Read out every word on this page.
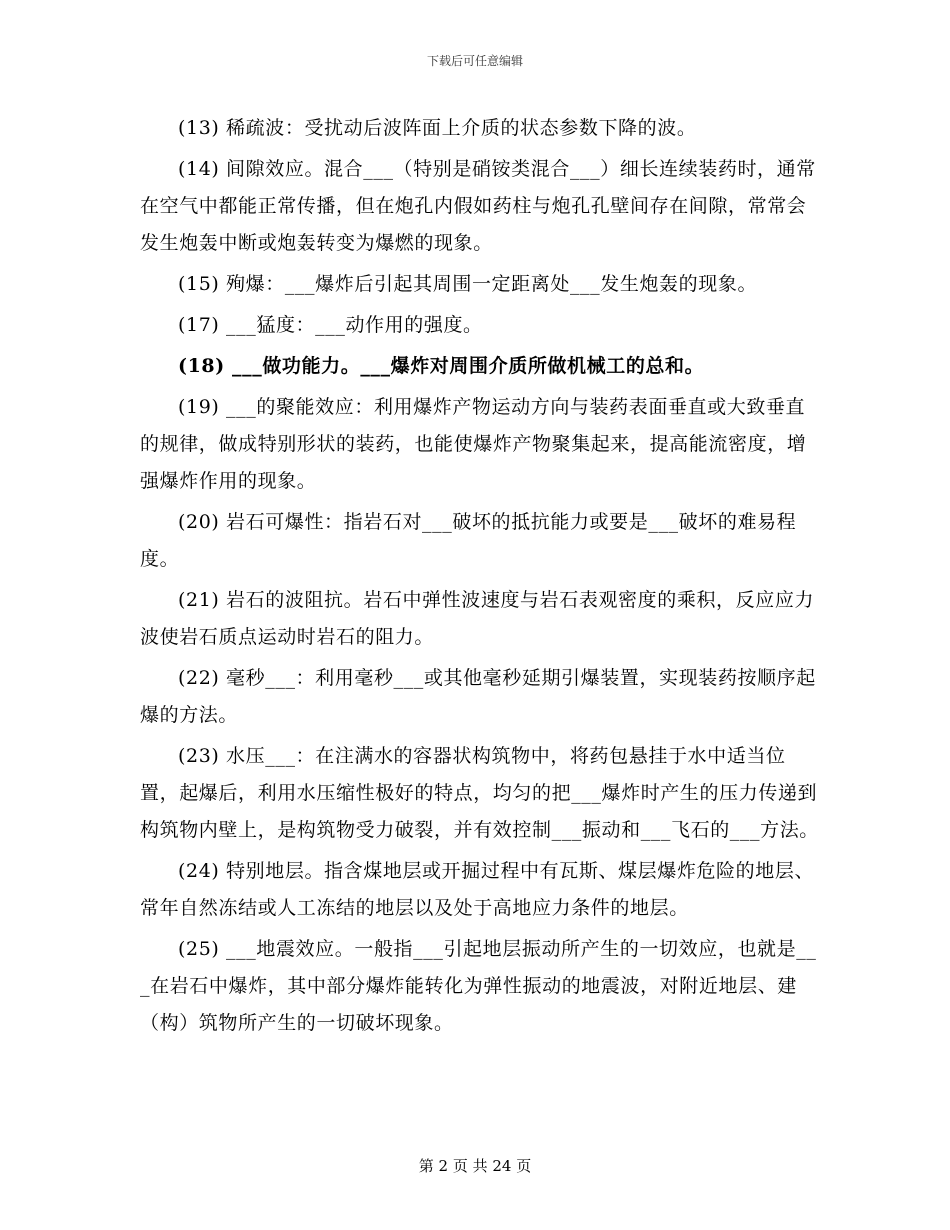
下载后可任意编辑

(13) 稀疏波：受扰动后波阵面上介质的状态参数下降的波。

(14) 间隙效应。混合___（特别是硝铵类混合___）细长连续装药时，通常在空气中都能正常传播，但在炮孔内假如药柱与炮孔孔壁间存在间隙，常常会发生炮轰中断或炮轰转变为爆燃的现象。

(15) 殉爆：___爆炸后引起其周围一定距离处___发生炮轰的现象。

(17) ___猛度：___动作用的强度。

(18) ___做功能力。___爆炸对周围介质所做机械工的总和。

(19) ___的聚能效应：利用爆炸产物运动方向与装药表面垂直或大致垂直的规律，做成特别形状的装药，也能使爆炸产物聚集起来，提高能流密度，增强爆炸作用的现象。

(20) 岩石可爆性：指岩石对___破坏的抵抗能力或要是___破坏的难易程度。

(21) 岩石的波阻抗。岩石中弹性波速度与岩石表观密度的乘积，反应应力波使岩石质点运动时岩石的阻力。

(22) 毫秒___：利用毫秒___或其他毫秒延期引爆装置，实现装药按顺序起爆的方法。

(23) 水压___：在注满水的容器状构筑物中，将药包悬挂于水中适当位置，起爆后，利用水压缩性极好的特点，均匀的把___爆炸时产生的压力传递到构筑物内壁上，是构筑物受力破裂，并有效控制___振动和___飞石的___方法。

(24) 特别地层。指含煤地层或开掘过程中有瓦斯、煤层爆炸危险的地层、常年自然冻结或人工冻结的地层以及处于高地应力条件的地层。

(25) ___地震效应。一般指___引起地层振动所产生的一切效应，也就是___在岩石中爆炸，其中部分爆炸能转化为弹性振动的地震波，对附近地层、建（构）筑物所产生的一切破坏现象。

第 2 页 共 24 页
